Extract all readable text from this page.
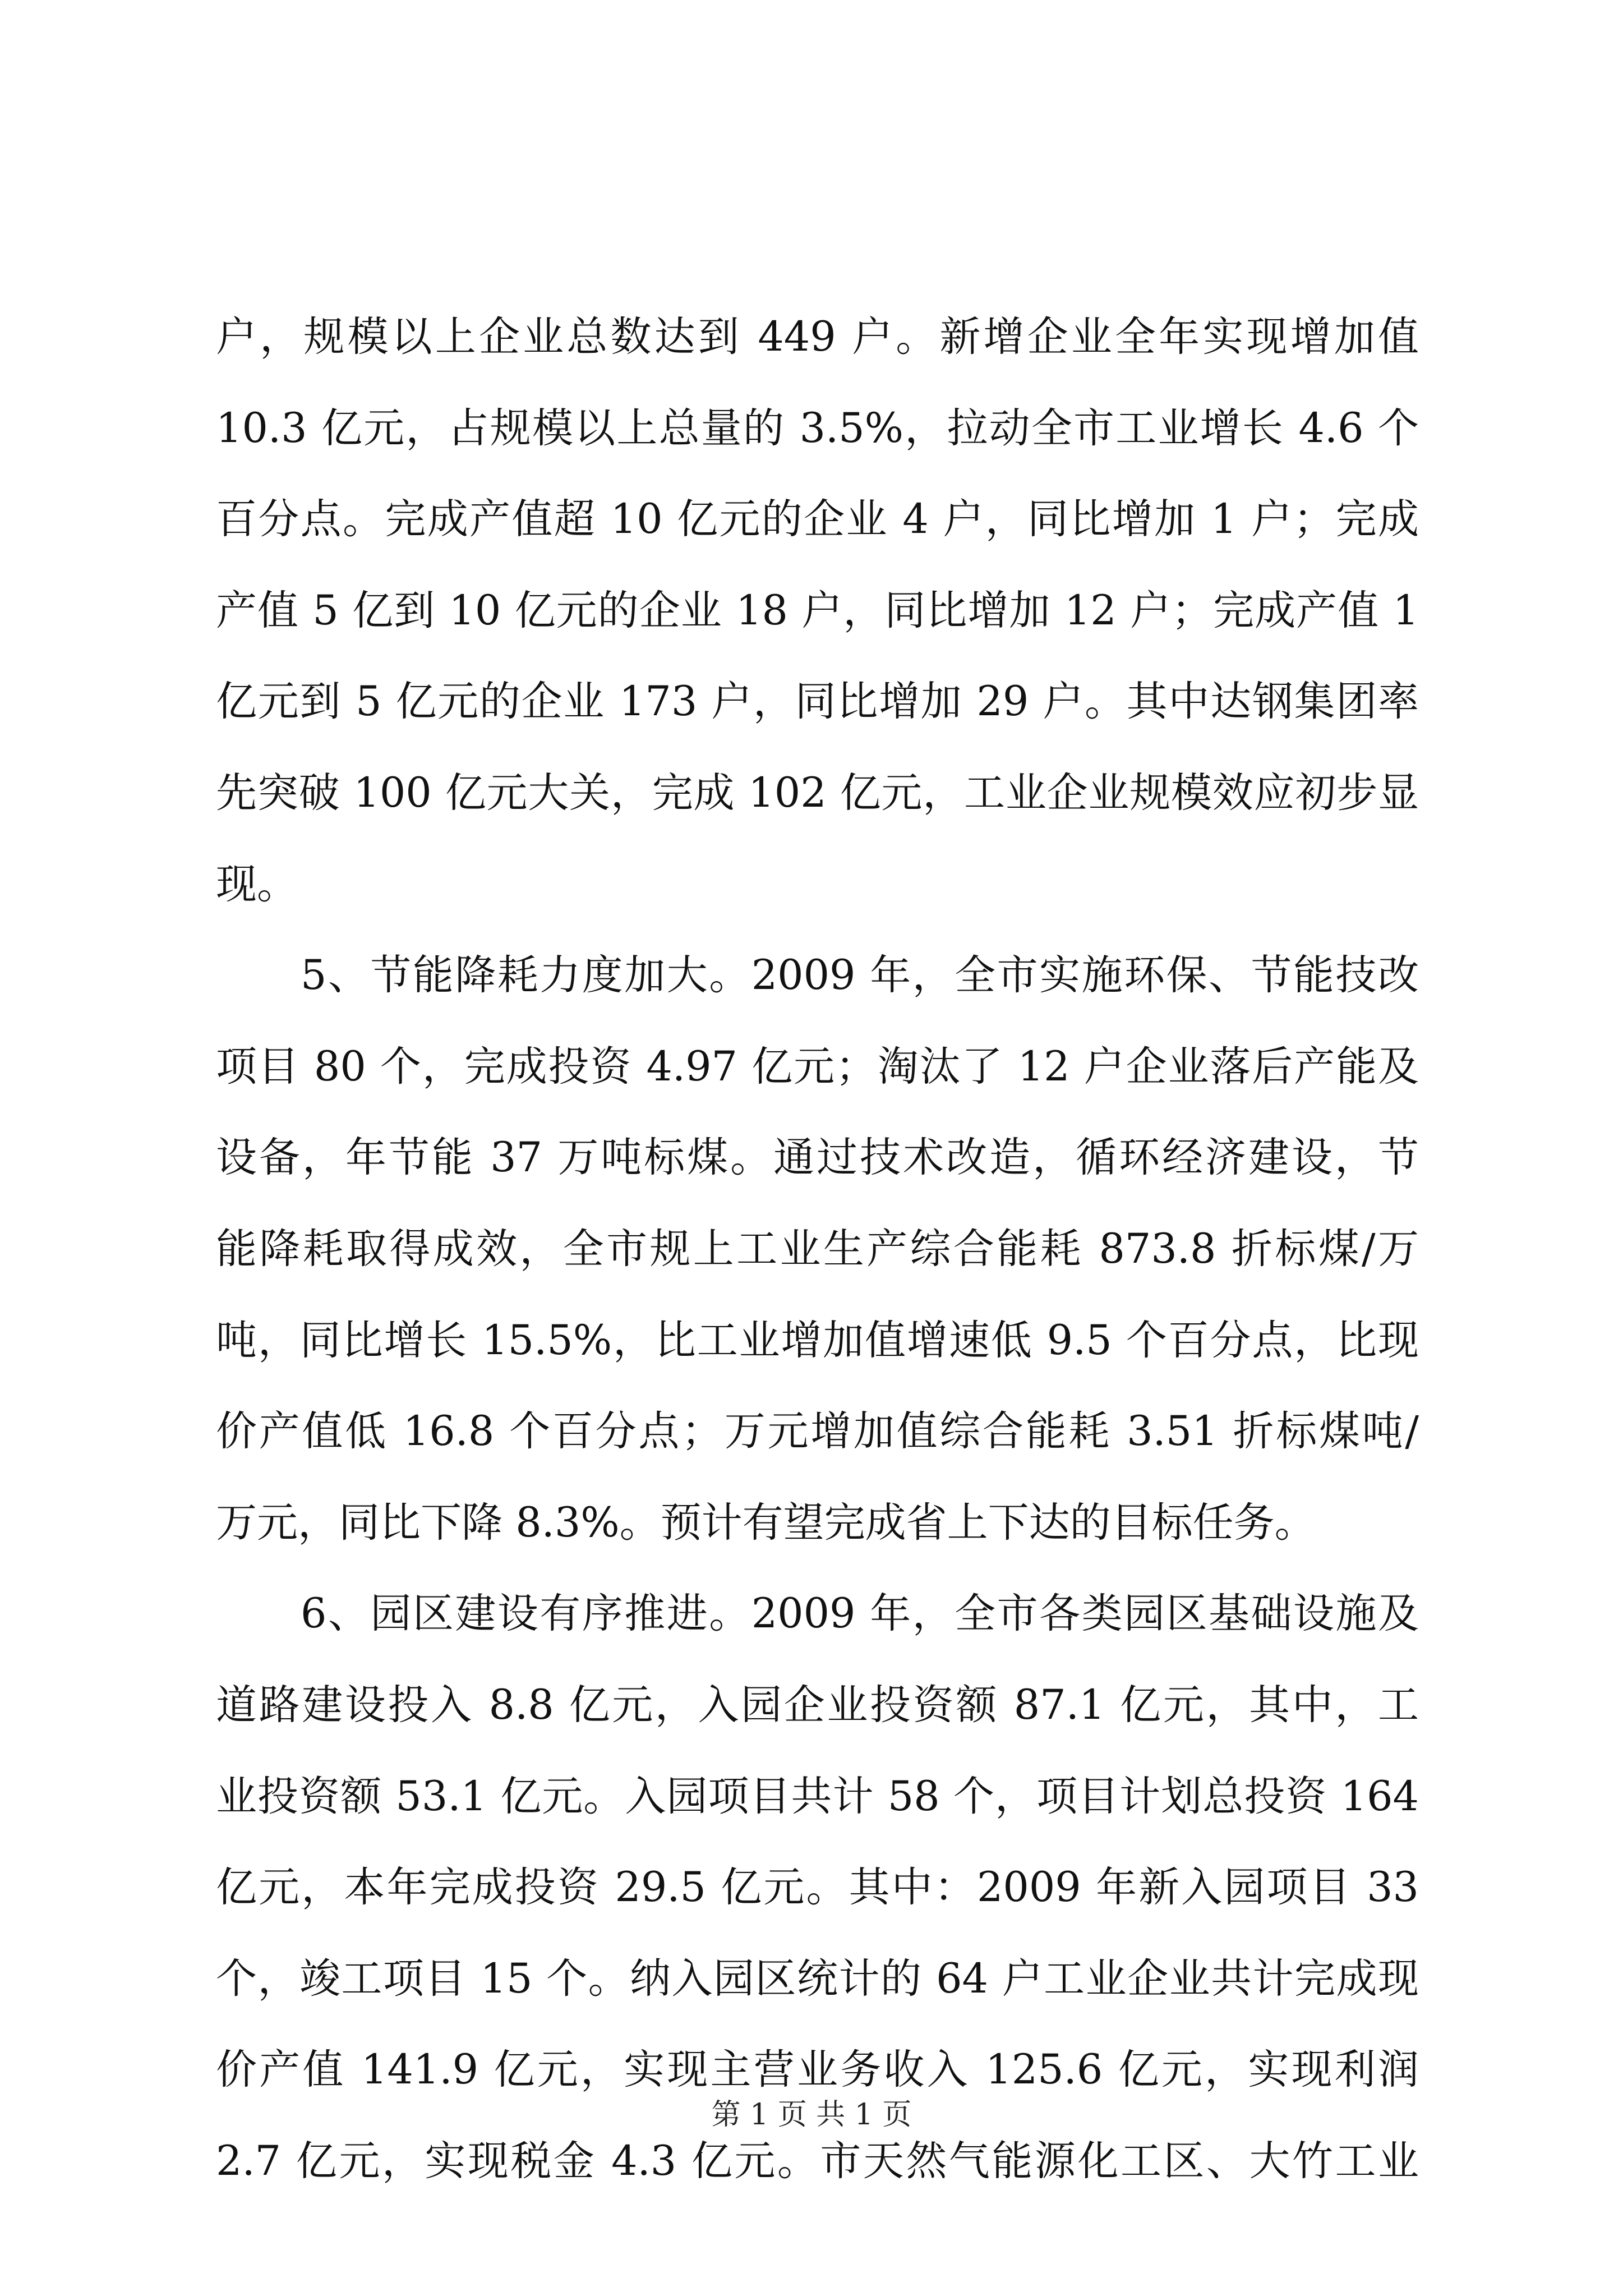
户，规模以上企业总数达到 449 户。新增企业全年实现增加值
10.3 亿元，占规模以上总量的 3.5%，拉动全市工业增长 4.6 个
百分点。完成产值超 10 亿元的企业 4 户，同比增加 1 户；完成
产值 5 亿到 10 亿元的企业 18 户，同比增加 12 户；完成产值 1
亿元到 5 亿元的企业 173 户，同比增加 29 户。其中达钢集团率
先突破 100 亿元大关，完成 102 亿元，工业企业规模效应初步显
现。
　　5、节能降耗力度加大。2009 年，全市实施环保、节能技改
项目 80 个，完成投资 4.97 亿元；淘汰了 12 户企业落后产能及
设备，年节能 37 万吨标煤。通过技术改造，循环经济建设，节
能降耗取得成效，全市规上工业生产综合能耗 873.8 折标煤/万
吨，同比增长 15.5%，比工业增加值增速低 9.5 个百分点，比现
价产值低 16.8 个百分点；万元增加值综合能耗 3.51 折标煤吨/
万元，同比下降 8.3%。预计有望完成省上下达的目标任务。
　　6、园区建设有序推进。2009 年，全市各类园区基础设施及
道路建设投入 8.8 亿元，入园企业投资额 87.1 亿元，其中，工
业投资额 53.1 亿元。入园项目共计 58 个，项目计划总投资 164
亿元，本年完成投资 29.5 亿元。其中：2009 年新入园项目 33
个，竣工项目 15 个。纳入园区统计的 64 户工业企业共计完成现
价产值 141.9 亿元，实现主营业务收入 125.6 亿元，实现利润
2.7 亿元，实现税金 4.3 亿元。市天然气能源化工区、大竹工业
第 1 页 共 1 页
